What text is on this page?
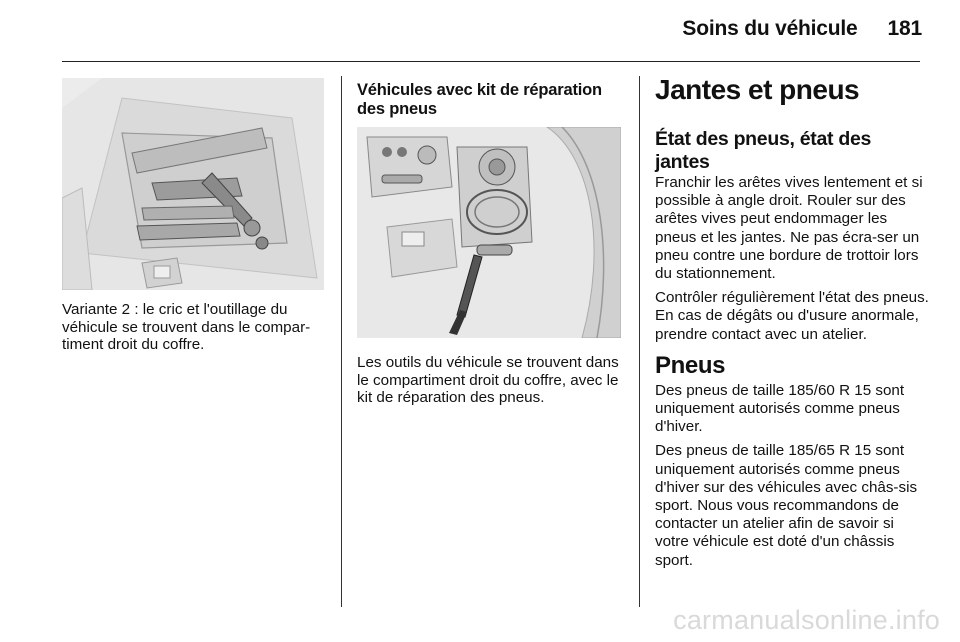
Soins du véhicule 181

Variante 2 : le cric et l'outillage du véhicule se trouvent dans le compar-timent droit du coffre.

Véhicules avec kit de réparation des pneus

Les outils du véhicule se trouvent dans le compartiment droit du coffre, avec le kit de réparation des pneus.

Jantes et pneus

État des pneus, état des jantes

Franchir les arêtes vives lentement et si possible à angle droit. Rouler sur des arêtes vives peut endommager les pneus et les jantes. Ne pas écra-ser un pneu contre une bordure de trottoir lors du stationnement.

Contrôler régulièrement l'état des pneus. En cas de dégâts ou d'usure anormale, prendre contact avec un atelier.

Pneus

Des pneus de taille 185/60 R 15 sont uniquement autorisés comme pneus d'hiver.

Des pneus de taille 185/65 R 15 sont uniquement autorisés comme pneus d'hiver sur des véhicules avec châs-sis sport. Nous vous recommandons de contacter un atelier afin de savoir si votre véhicule est doté d'un châssis sport.

carmanualsonline.info
